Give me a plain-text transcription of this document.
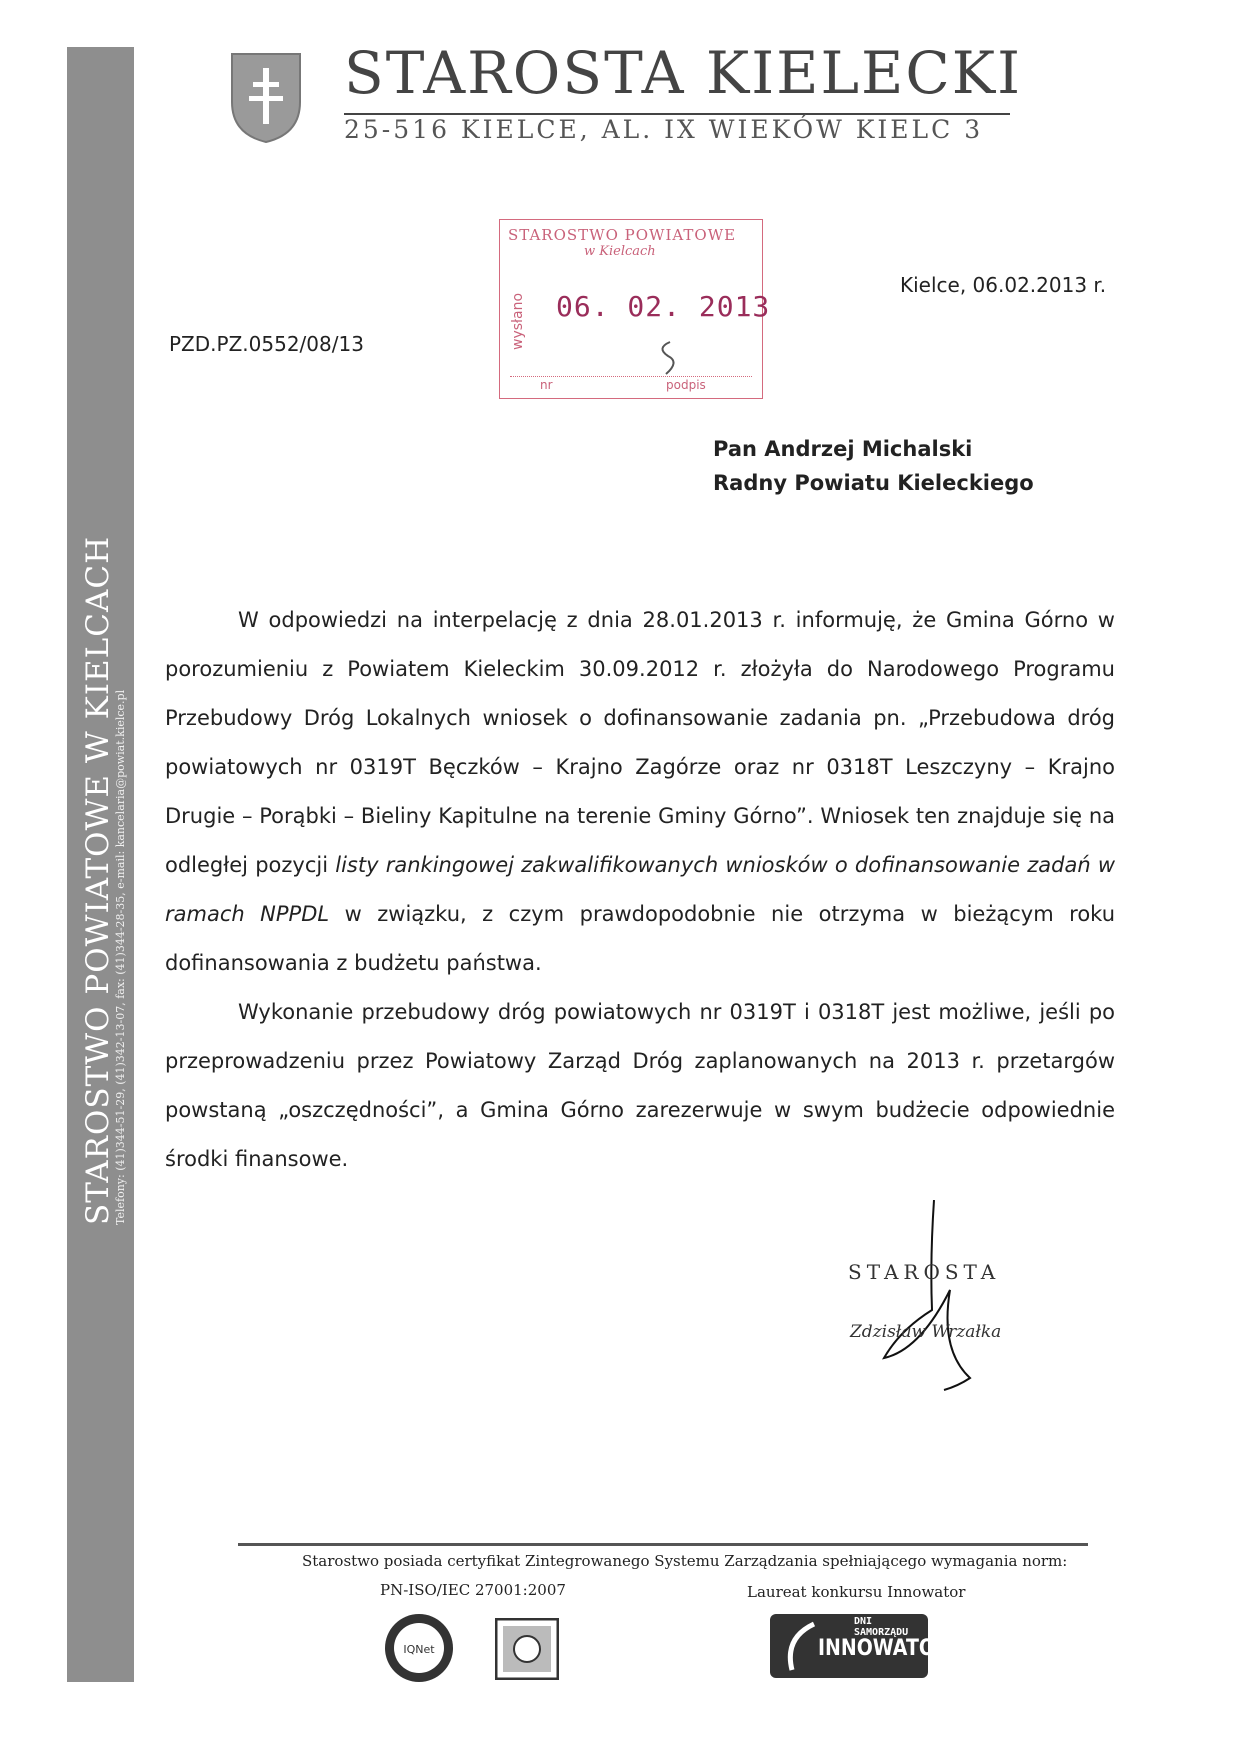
STAROSTWO POWIATOWE W KIELCACH
Telefony: (41)344-51-29, (41)342-13-07, fax: (41)344-28-35, e-mail: kancelaria@powiat.kielce.pl
STAROSTA KIELECKI
25-516 KIELCE, AL. IX WIEKÓW KIELC 3
STAROSTWO POWIATOWE
w Kielcach
wysłano 06. 02. 2013
nr	podpis
PZD.PZ.0552/08/13
Kielce, 06.02.2013 r.
Pan Andrzej Michalski
Radny Powiatu Kieleckiego

W odpowiedzi na interpelację z dnia 28.01.2013 r. informuję, że Gmina Górno w porozumieniu z Powiatem Kieleckim 30.09.2012 r. złożyła do Narodowego Programu Przebudowy Dróg Lokalnych wniosek o dofinansowanie zadania pn. „Przebudowa dróg powiatowych nr 0319T Bęczków – Krajno Zagórze oraz nr 0318T Leszczyny – Krajno Drugie – Porąbki – Bieliny Kapitulne na terenie Gminy Górno”. Wniosek ten znajduje się na odległej pozycji listy rankingowej zakwalifikowanych wniosków o dofinansowanie zadań w ramach NPPDL w związku, z czym prawdopodobnie nie otrzyma w bieżącym roku dofinansowania z budżetu państwa.

Wykonanie przebudowy dróg powiatowych nr 0319T i 0318T jest możliwe, jeśli po przeprowadzeniu przez Powiatowy Zarząd Dróg zaplanowanych na 2013 r. przetargów powstaną „oszczędności”, a Gmina Górno zarezerwuje w swym budżecie odpowiednie środki finansowe.

STAROSTA
Zdzisław Wrzałka
Starostwo posiada certyfikat Zintegrowanego Systemu Zarządzania spełniającego wymagania norm:
PN-ISO/IEC 27001:2007	Laureat konkursu Innowator
IQNet
DNI SAMORZĄDU
INNOWATOR
